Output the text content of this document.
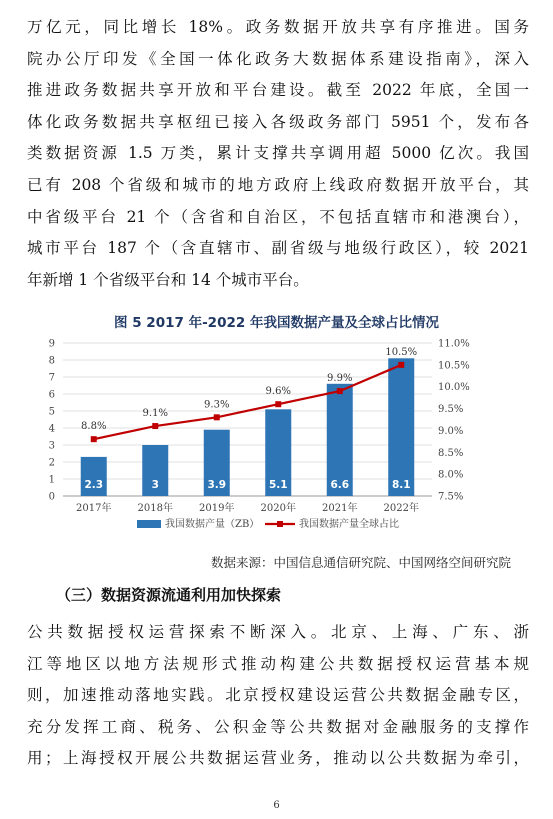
万亿元，同比增长 18%。政务数据开放共享有序推进。国务
院办公厅印发《全国一体化政务大数据体系建设指南》，深入
推进政务数据共享开放和平台建设。截至 2022 年底，全国一
体化政务数据共享枢纽已接入各级政务部门 5951 个，发布各
类数据资源 1.5 万类，累计支撑共享调用超 5000 亿次。我国
已有 208 个省级和城市的地方政府上线政府数据开放平台，其
中省级平台 21 个（含省和自治区，不包括直辖市和港澳台），
城市平台 187 个（含直辖市、副省级与地级行政区），较 2021
年新增 1 个省级平台和 14 个城市平台。
图 5 2017 年-2022 年我国数据产量及全球占比情况
0
1
2
3
4
5
6
7
8
9
7.5%
8.0%
8.5%
9.0%
9.5%
10.0%
10.5%
11.0%
2.3	3	3.9	5.1	6.6	8.1
2017年	2018年	2019年	2020年	2021年	2022年
8.8%
9.1%
9.3%
9.6%
9.9%
10.5%
我国数据产量（ZB）	我国数据产量全球占比
数据来源：中国信息通信研究院、中国网络空间研究院
（三）数据资源流通利用加快探索
公共数据授权运营探索不断深入。北京、上海、广东、浙
江等地区以地方法规形式推动构建公共数据授权运营基本规
则，加速推动落地实践。北京授权建设运营公共数据金融专区，
充分发挥工商、税务、公积金等公共数据对金融服务的支撑作
用；上海授权开展公共数据运营业务，推动以公共数据为牵引，
6
